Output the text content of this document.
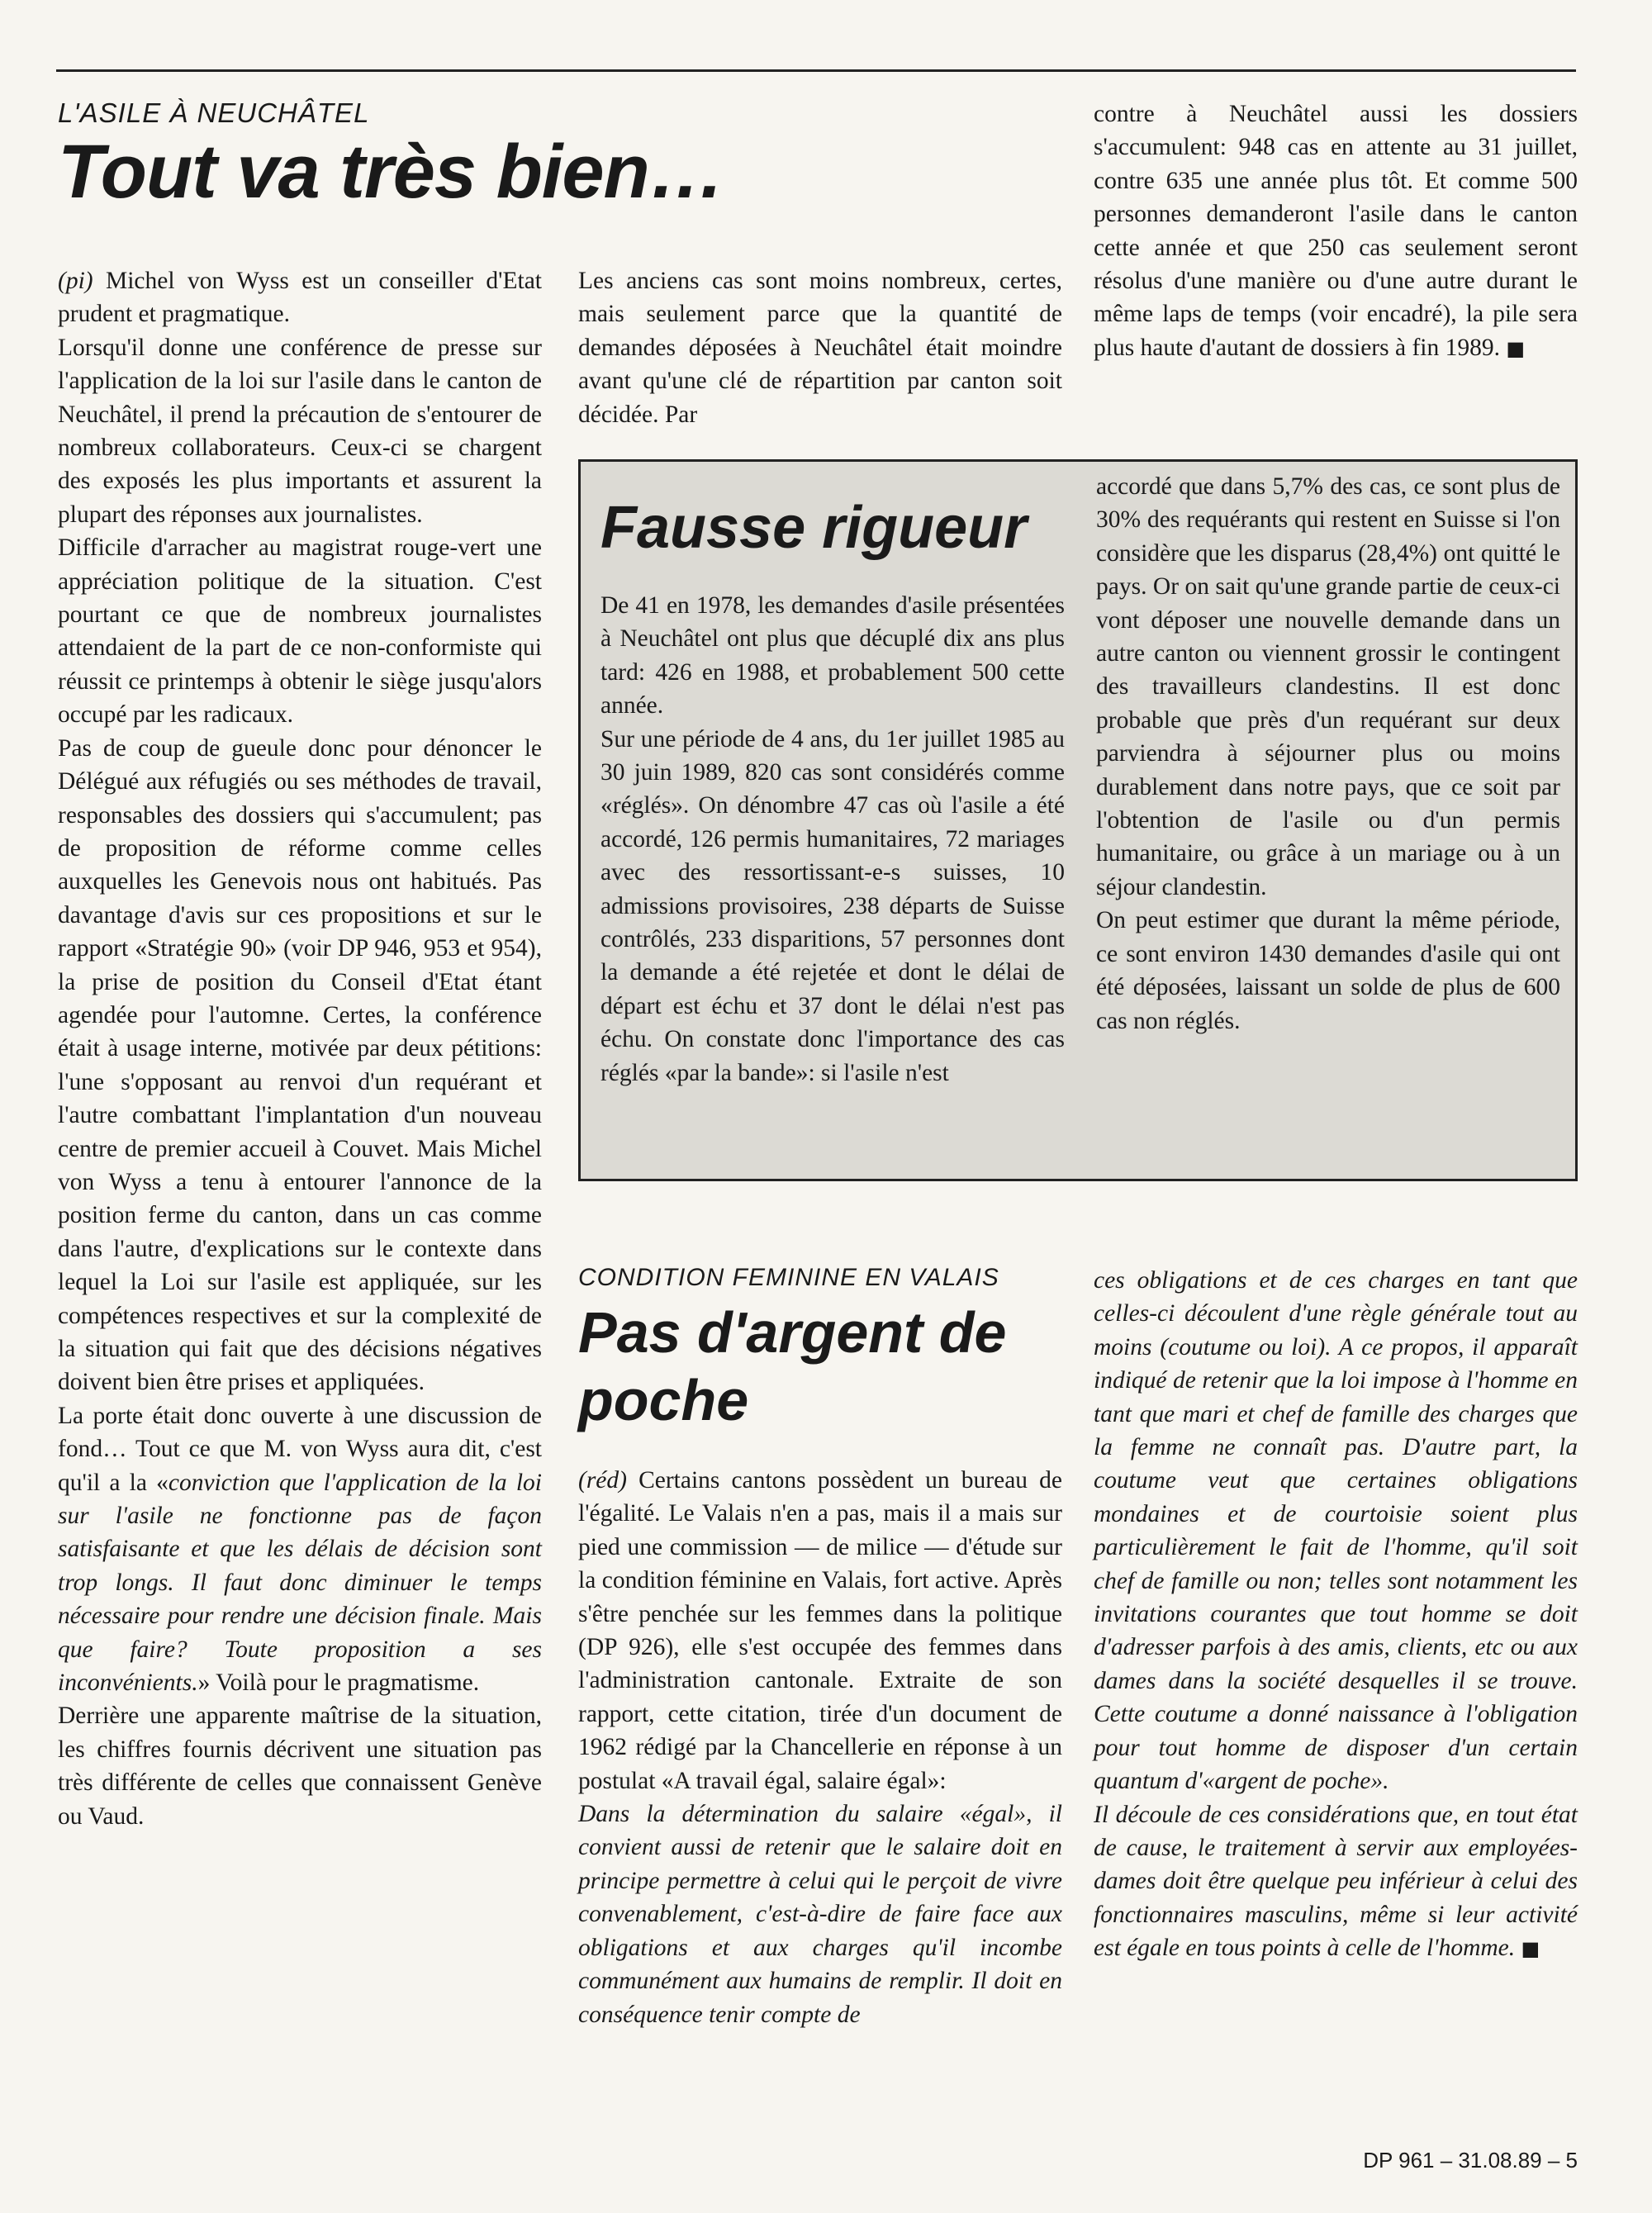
L'ASILE À NEUCHÂTEL

Tout va très bien…

(pi) Michel von Wyss est un conseiller d'Etat prudent et pragmatique.

Lorsqu'il donne une conférence de presse sur l'application de la loi sur l'asile dans le canton de Neuchâtel, il prend la précaution de s'entourer de nombreux collaborateurs. Ceux-ci se chargent des exposés les plus importants et assurent la plupart des réponses aux journalistes.

Difficile d'arracher au magistrat rouge-vert une appréciation politique de la situation. C'est pourtant ce que de nombreux journalistes attendaient de la part de ce non-conformiste qui réussit ce printemps à obtenir le siège jusqu'alors occupé par les radicaux.

Pas de coup de gueule donc pour dénoncer le Délégué aux réfugiés ou ses méthodes de travail, responsables des dossiers qui s'accumulent; pas de proposition de réforme comme celles auxquelles les Genevois nous ont habitués. Pas davantage d'avis sur ces propositions et sur le rapport «Stratégie 90» (voir DP 946, 953 et 954), la prise de position du Conseil d'Etat étant agendée pour l'automne. Certes, la conférence était à usage interne, motivée par deux pétitions: l'une s'opposant au renvoi d'un requérant et l'autre combattant l'implantation d'un nouveau centre de premier accueil à Couvet. Mais Michel von Wyss a tenu à entourer l'annonce de la position ferme du canton, dans un cas comme dans l'autre, d'explications sur le contexte dans lequel la Loi sur l'asile est appliquée, sur les compétences respectives et sur la complexité de la situation qui fait que des décisions négatives doivent bien être prises et appliquées.

La porte était donc ouverte à une discussion de fond… Tout ce que M. von Wyss aura dit, c'est qu'il a la «conviction que l'application de la loi sur l'asile ne fonctionne pas de façon satisfaisante et que les délais de décision sont trop longs. Il faut donc diminuer le temps nécessaire pour rendre une décision finale. Mais que faire? Toute proposition a ses inconvénients.» Voilà pour le pragmatisme.

Derrière une apparente maîtrise de la situation, les chiffres fournis décrivent une situation pas très différente de celles que connaissent Genève ou Vaud.

Les anciens cas sont moins nombreux, certes, mais seulement parce que la quantité de demandes déposées à Neuchâtel était moindre avant qu'une clé de répartition par canton soit décidée. Par

contre à Neuchâtel aussi les dossiers s'accumulent: 948 cas en attente au 31 juillet, contre 635 une année plus tôt. Et comme 500 personnes demanderont l'asile dans le canton cette année et que 250 cas seulement seront résolus d'une manière ou d'une autre durant le même laps de temps (voir encadré), la pile sera plus haute d'autant de dossiers à fin 1989. ■

Fausse rigueur

De 41 en 1978, les demandes d'asile présentées à Neuchâtel ont plus que décuplé dix ans plus tard: 426 en 1988, et probablement 500 cette année.

Sur une période de 4 ans, du 1er juillet 1985 au 30 juin 1989, 820 cas sont considérés comme «réglés». On dénombre 47 cas où l'asile a été accordé, 126 permis humanitaires, 72 mariages avec des ressortissant-e-s suisses, 10 admissions provisoires, 238 départs de Suisse contrôlés, 233 disparitions, 57 personnes dont la demande a été rejetée et dont le délai de départ est échu et 37 dont le délai n'est pas échu. On constate donc l'importance des cas réglés «par la bande»: si l'asile n'est

accordé que dans 5,7% des cas, ce sont plus de 30% des requérants qui restent en Suisse si l'on considère que les disparus (28,4%) ont quitté le pays. Or on sait qu'une grande partie de ceux-ci vont déposer une nouvelle demande dans un autre canton ou viennent grossir le contingent des travailleurs clandestins. Il est donc probable que près d'un requérant sur deux parviendra à séjourner plus ou moins durablement dans notre pays, que ce soit par l'obtention de l'asile ou d'un permis humanitaire, ou grâce à un mariage ou à un séjour clandestin.

On peut estimer que durant la même période, ce sont environ 1430 demandes d'asile qui ont été déposées, laissant un solde de plus de 600 cas non réglés.

CONDITION FEMININE EN VALAIS

Pas d'argent de poche

(réd) Certains cantons possèdent un bureau de l'égalité. Le Valais n'en a pas, mais il a mais sur pied une commission — de milice — d'étude sur la condition féminine en Valais, fort active. Après s'être penchée sur les femmes dans la politique (DP 926), elle s'est occupée des femmes dans l'administration cantonale. Extraite de son rapport, cette citation, tirée d'un document de 1962 rédigé par la Chancellerie en réponse à un postulat «A travail égal, salaire égal»:

Dans la détermination du salaire «égal», il convient aussi de retenir que le salaire doit en principe permettre à celui qui le perçoit de vivre convenablement, c'est-à-dire de faire face aux obligations et aux charges qu'il incombe communément aux humains de remplir. Il doit en conséquence tenir compte de

ces obligations et de ces charges en tant que celles-ci découlent d'une règle générale tout au moins (coutume ou loi). A ce propos, il apparaît indiqué de retenir que la loi impose à l'homme en tant que mari et chef de famille des charges que la femme ne connaît pas. D'autre part, la coutume veut que certaines obligations mondaines et de courtoisie soient plus particulièrement le fait de l'homme, qu'il soit chef de famille ou non; telles sont notamment les invitations courantes que tout homme se doit d'adresser parfois à des amis, clients, etc ou aux dames dans la société desquelles il se trouve. Cette coutume a donné naissance à l'obligation pour tout homme de disposer d'un certain quantum d'«argent de poche».

Il découle de ces considérations que, en tout état de cause, le traitement à servir aux employées-dames doit être quelque peu inférieur à celui des fonctionnaires masculins, même si leur activité est égale en tous points à celle de l'homme. ■

DP 961 – 31.08.89 – 5
